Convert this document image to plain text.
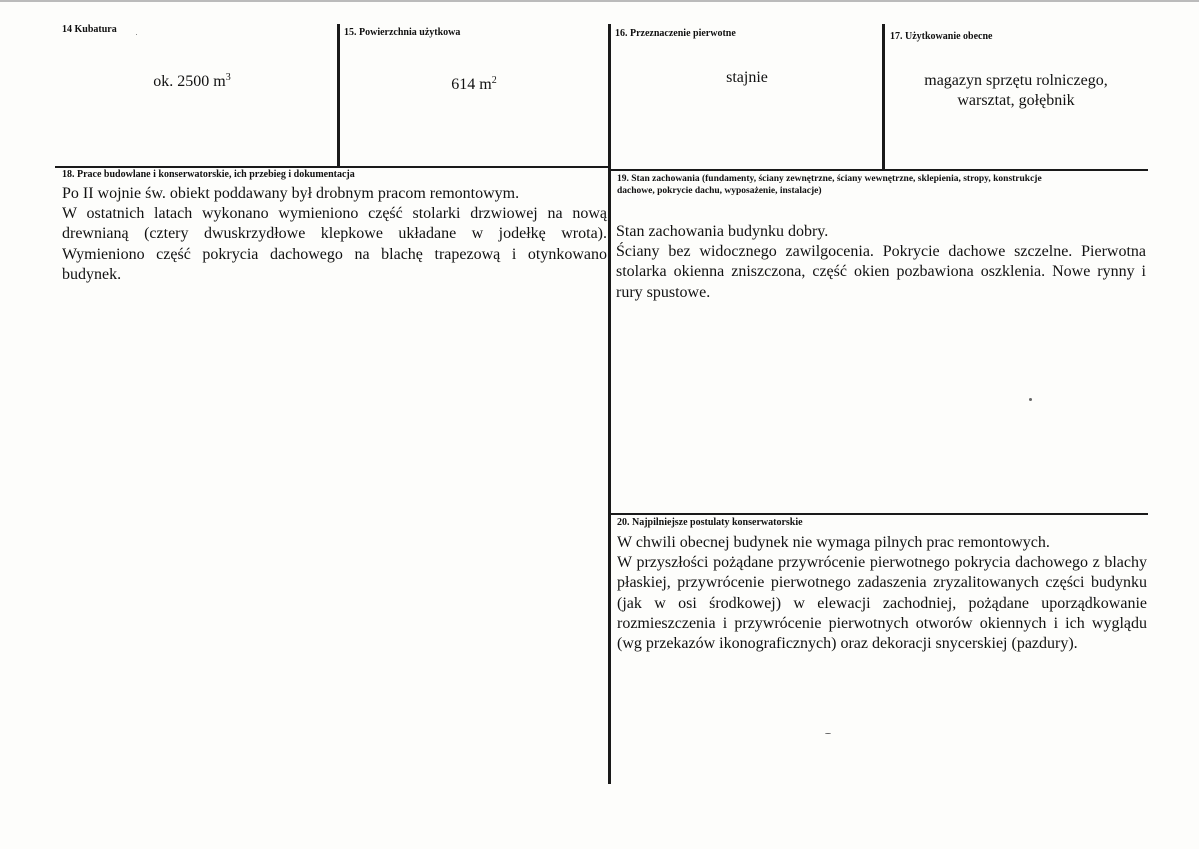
14 Kubatura
ok. 2500 $m^3$
15. Powierzchnia użytkowa
614 $m^2$
16. Przeznaczenie pierwotne
stajnie
17. Użytkowanie obecne
magazyn sprzętu rolniczego,
warsztat, gołębnik
18. Prace budowlane i konserwatorskie, ich przebieg i dokumentacja

Po II wojnie św. obiekt poddawany był drobnym pracom remontowym.

W ostatnich latach wykonano wymieniono część stolarki drzwiowej na nową drewnianą (cztery dwuskrzydłowe klepkowe układane w jodełkę wrota). Wymieniono część pokrycia dachowego na blachę trapezową i otynkowano budynek.

19. Stan zachowania (fundamenty, ściany zewnętrzne, ściany wewnętrzne, sklepienia, stropy, konstrukcje
dachowe, pokrycie dachu, wyposażenie, instalacje)

Stan zachowania budynku dobry.

Ściany bez widocznego zawilgocenia. Pokrycie dachowe szczelne. Pierwotna stolarka okienna zniszczona, część okien pozbawiona oszklenia. Nowe rynny i rury spustowe.

20. Najpilniejsze postulaty konserwatorskie

W chwili obecnej budynek nie wymaga pilnych prac remontowych.

W przyszłości pożądane przywrócenie pierwotnego pokrycia dachowego z blachy płaskiej, przywrócenie pierwotnego zadaszenia zryzalitowanych części budynku (jak w osi środkowej) w elewacji zachodniej, pożądane uporządkowanie rozmieszczenia i przywrócenie pierwotnych otworów okiennych i ich wyglądu (wg przekazów ikonograficznych) oraz dekoracji snycerskiej (pazdury).
